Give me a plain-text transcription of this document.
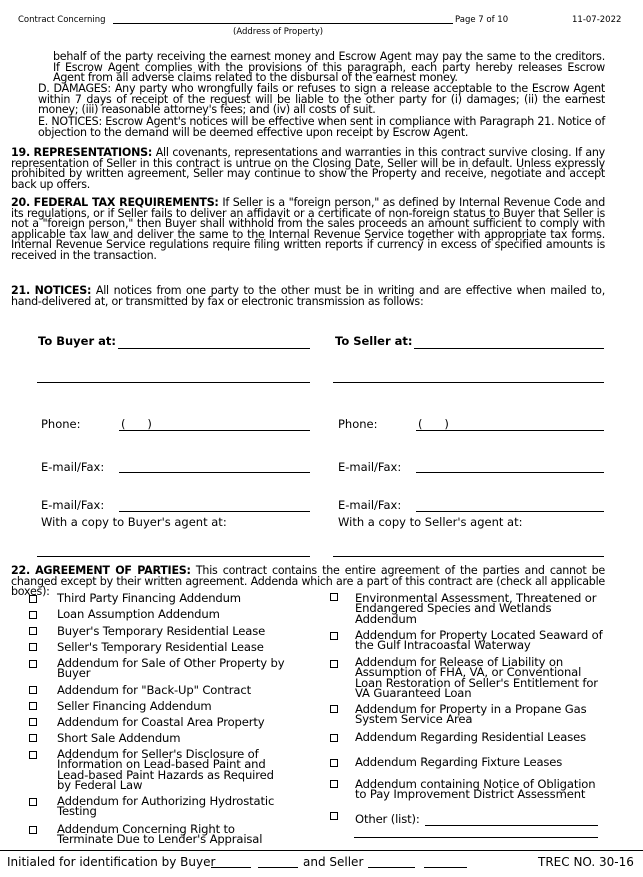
Contract Concerning
(Address of Property)
Page 7 of 10	11-07-2022
behalf of the party receiving the earnest money and Escrow Agent may pay the same to the creditors. If Escrow Agent complies with the provisions of this paragraph, each party hereby releases Escrow Agent from all adverse claims related to the disbursal of the earnest money.
D. DAMAGES: Any party who wrongfully fails or refuses to sign a release acceptable to the Escrow Agent within 7 days of receipt of the request will be liable to the other party for (i) damages; (ii) the earnest money; (iii) reasonable attorney's fees; and (iv) all costs of suit.
E. NOTICES: Escrow Agent's notices will be effective when sent in compliance with Paragraph 21. Notice of objection to the demand will be deemed effective upon receipt by Escrow Agent.
19. REPRESENTATIONS: All covenants, representations and warranties in this contract survive closing. If any representation of Seller in this contract is untrue on the Closing Date, Seller will be in default. Unless expressly prohibited by written agreement, Seller may continue to show the Property and receive, negotiate and accept back up offers.
20. FEDERAL TAX REQUIREMENTS: If Seller is a "foreign person," as defined by Internal Revenue Code and its regulations, or if Seller fails to deliver an affidavit or a certificate of non-foreign status to Buyer that Seller is not a "foreign person," then Buyer shall withhold from the sales proceeds an amount sufficient to comply with applicable tax law and deliver the same to the Internal Revenue Service together with appropriate tax forms. Internal Revenue Service regulations require filing written reports if currency in excess of specified amounts is received in the transaction.
21. NOTICES: All notices from one party to the other must be in writing and are effective when mailed to, hand-delivered at, or transmitted by fax or electronic transmission as follows:
To Buyer at:
Phone:	(      )
E-mail/Fax:
E-mail/Fax:
With a copy to Buyer's agent at:
To Seller at:
Phone:	(      )
E-mail/Fax:
E-mail/Fax:
With a copy to Seller's agent at:
22. AGREEMENT OF PARTIES: This contract contains the entire agreement of the parties and cannot be changed except by their written agreement. Addenda which are a part of this contract are (check all applicable boxes): Third Party Financing Addendum
Loan Assumption Addendum
Buyer's Temporary Residential Lease
Seller's Temporary Residential Lease
Addendum for Sale of Other Property by Buyer
Addendum for "Back-Up" Contract
Seller Financing Addendum
Addendum for Coastal Area Property
Short Sale Addendum
Addendum for Seller's Disclosure of Information on Lead-based Paint and Lead-based Paint Hazards as Required by Federal Law
Addendum for Authorizing Hydrostatic Testing
Addendum Concerning Right to Terminate Due to Lender's Appraisal
Environmental Assessment, Threatened or Endangered Species and Wetlands Addendum
Addendum for Property Located Seaward of the Gulf Intracoastal Waterway
Addendum for Release of Liability on Assumption of FHA, VA, or Conventional Loan Restoration of Seller's Entitlement for VA Guaranteed Loan
Addendum for Property in a Propane Gas System Service Area
Addendum Regarding Residential Leases
Addendum Regarding Fixture Leases
Addendum containing Notice of Obligation to Pay Improvement District Assessment
Other (list):
Initialed for identification by Buyer	and Seller	TREC NO. 30-16
